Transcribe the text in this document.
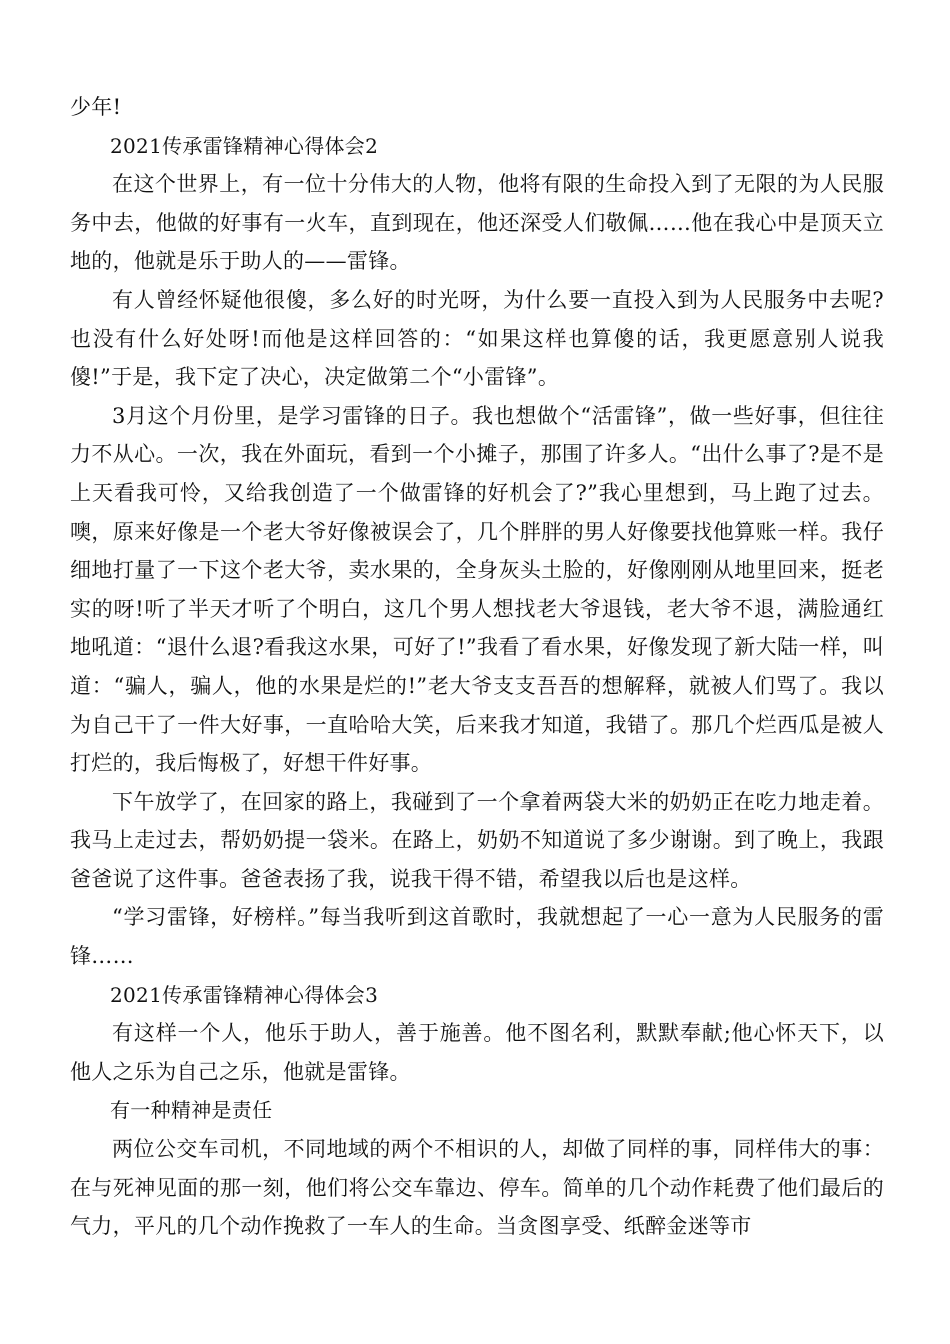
少年!

2021传承雷锋精神心得体会2

在这个世界上，有一位十分伟大的人物，他将有限的生命投入到了无限的为人民服务中去，他做的好事有一火车，直到现在，他还深受人们敬佩……他在我心中是顶天立地的，他就是乐于助人的——雷锋。

有人曾经怀疑他很傻，多么好的时光呀，为什么要一直投入到为人民服务中去呢?也没有什么好处呀!而他是这样回答的：“如果这样也算傻的话，我更愿意别人说我傻!”于是，我下定了决心，决定做第二个“小雷锋”。

3月这个月份里，是学习雷锋的日子。我也想做个“活雷锋”，做一些好事，但往往力不从心。一次，我在外面玩，看到一个小摊子，那围了许多人。“出什么事了?是不是上天看我可怜，又给我创造了一个做雷锋的好机会了?”我心里想到，马上跑了过去。噢，原来好像是一个老大爷好像被误会了，几个胖胖的男人好像要找他算账一样。我仔细地打量了一下这个老大爷，卖水果的，全身灰头土脸的，好像刚刚从地里回来，挺老实的呀!听了半天才听了个明白，这几个男人想找老大爷退钱，老大爷不退，满脸通红地吼道：“退什么退?看我这水果，可好了!”我看了看水果，好像发现了新大陆一样，叫道：“骗人，骗人，他的水果是烂的!”老大爷支支吾吾的想解释，就被人们骂了。我以为自己干了一件大好事，一直哈哈大笑，后来我才知道，我错了。那几个烂西瓜是被人打烂的，我后悔极了，好想干件好事。

下午放学了，在回家的路上，我碰到了一个拿着两袋大米的奶奶正在吃力地走着。我马上走过去，帮奶奶提一袋米。在路上，奶奶不知道说了多少谢谢。到了晚上，我跟爸爸说了这件事。爸爸表扬了我，说我干得不错，希望我以后也是这样。

“学习雷锋，好榜样。”每当我听到这首歌时，我就想起了一心一意为人民服务的雷锋……

2021传承雷锋精神心得体会3

有这样一个人，他乐于助人，善于施善。他不图名利，默默奉献;他心怀天下，以他人之乐为自己之乐，他就是雷锋。

有一种精神是责任

两位公交车司机，不同地域的两个不相识的人，却做了同样的事，同样伟大的事：在与死神见面的那一刻，他们将公交车靠边、停车。简单的几个动作耗费了他们最后的气力，平凡的几个动作挽救了一车人的生命。当贪图享受、纸醉金迷等市
